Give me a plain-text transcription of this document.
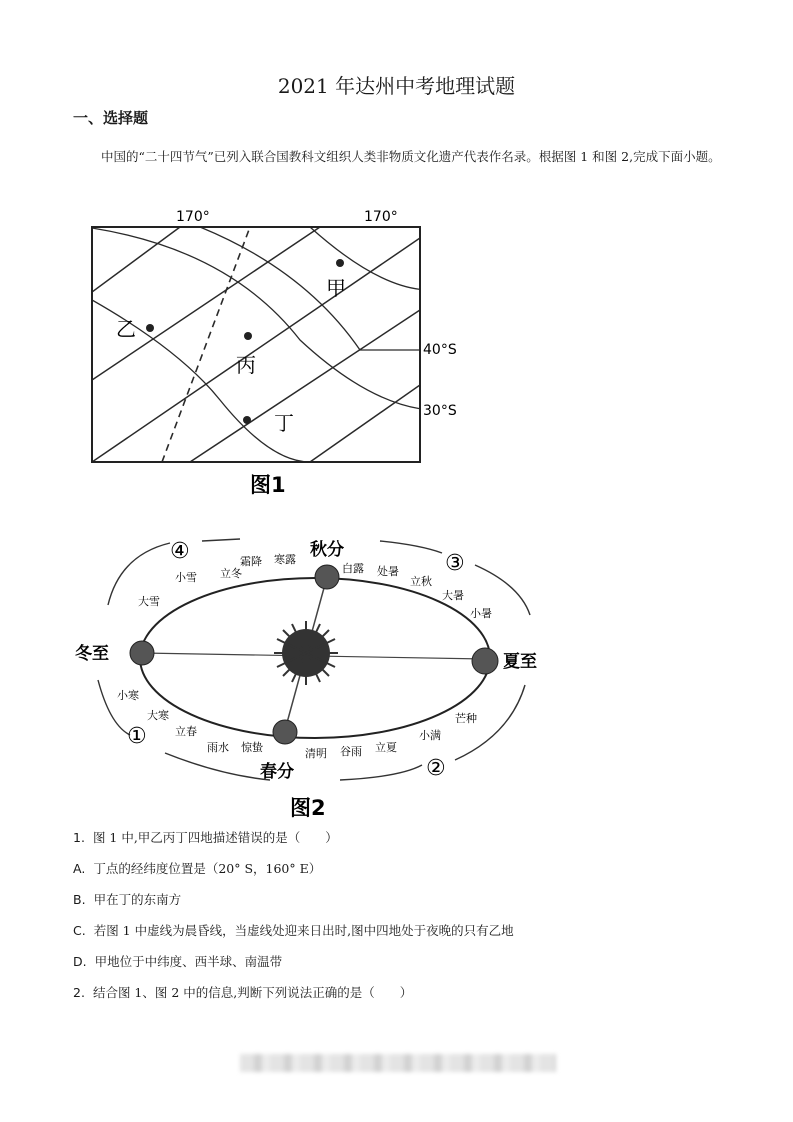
2021 年达州中考地理试题
一、选择题
中国的“二十四节气”已列入联合国教科文组织人类非物质文化遗产代表作名录。根据图 1 和图 2,完成下面小题。
170°	170°
40°S
30°S
甲
乙
丙
丁
图1
冬至	夏至
秋分
春分
④	③
①
②
霜降 寒露
立冬
小雪
大雪
白露 处暑
立秋
大暑
小暑
小寒
大寒
立春
雨水 惊蛰	清明 谷雨 立夏
小满
芒种
图2
1. 图 1 中,甲乙丙丁四地描述错误的是（　　）
A. 丁点的经纬度位置是（20° S，160° E）
B. 甲在丁的东南方
C. 若图 1 中虚线为晨昏线，当虚线处迎来日出时,图中四地处于夜晚的只有乙地
D. 甲地位于中纬度、西半球、南温带
2. 结合图 1、图 2 中的信息,判断下列说法正确的是（　　）
